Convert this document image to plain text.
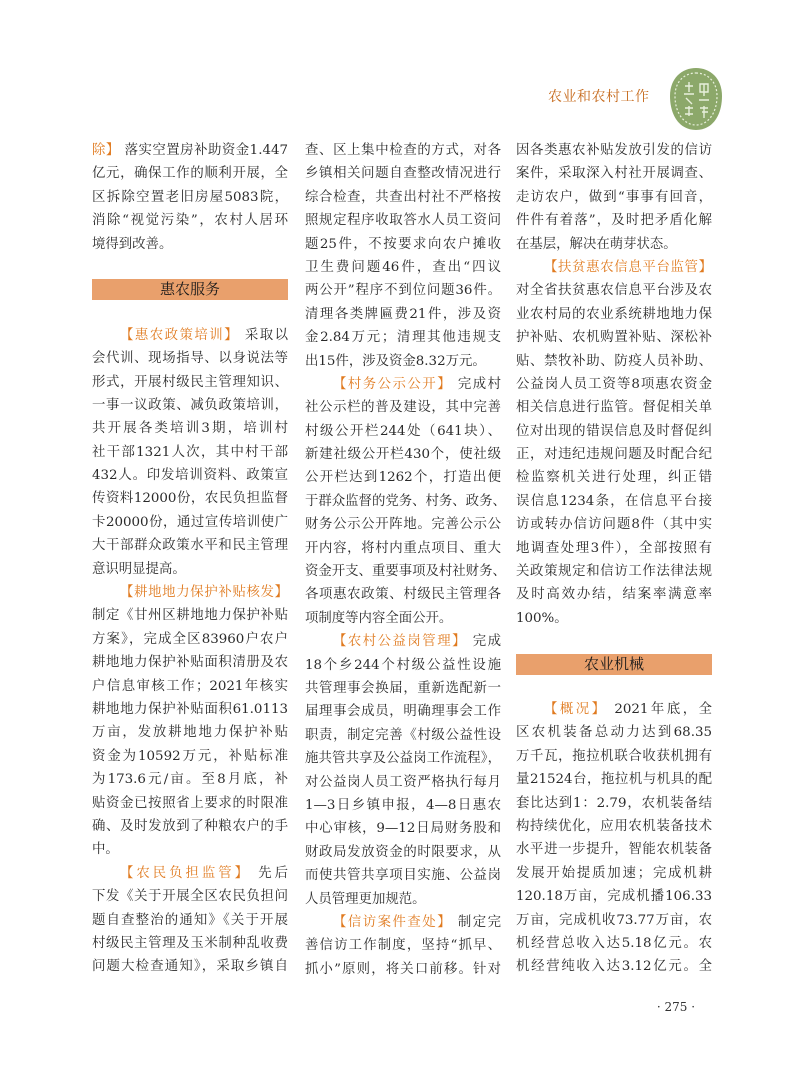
农业和农村工作
除】 落实空置房补助资金1.447
亿元，确保工作的顺利开展，全
区拆除空置老旧房屋5083院，
消除“视觉污染”，农村人居环
境得到改善。
惠农服务
【惠农政策培训】 采取以
会代训、现场指导、以身说法等
形式，开展村级民主管理知识、
一事一议政策、减负政策培训，
共开展各类培训3期，培训村
社干部1321人次，其中村干部
432人。印发培训资料、政策宣
传资料12000份，农民负担监督
卡20000份，通过宣传培训使广
大干部群众政策水平和民主管理
意识明显提高。
【耕地地力保护补贴核发】
制定《甘州区耕地地力保护补贴
方案》，完成全区83960户农户
耕地地力保护补贴面积清册及农
户信息审核工作；2021年核实
耕地地力保护补贴面积61.0113
万亩，发放耕地地力保护补贴
资金为10592万元，补贴标准
为173.6元/亩。至8月底，补
贴资金已按照省上要求的时限准
确、及时发放到了种粮农户的手
中。
【农民负担监管】 先后
下发《关于开展全区农民负担问
题自查整治的通知》《关于开展
村级民主管理及玉米制种乱收费
问题大检查通知》，采取乡镇自
查、区上集中检查的方式，对各
乡镇相关问题自查整改情况进行
综合检查，共查出村社不严格按
照规定程序收取答水人员工资问
题25件，不按要求向农户摊收
卫生费问题46件，查出“四议
两公开”程序不到位问题36件。
清理各类牌匾费21件，涉及资
金2.84万元；清理其他违规支
出15件，涉及资金8.32万元。
【村务公示公开】 完成村
社公示栏的普及建设，其中完善
村级公开栏244处（641块）、
新建社级公开栏430个，使社级
公开栏达到1262个，打造出便
于群众监督的党务、村务、政务、
财务公示公开阵地。完善公示公
开内容，将村内重点项目、重大
资金开支、重要事项及村社财务、
各项惠农政策、村级民主管理各
项制度等内容全面公开。
【农村公益岗管理】 完成
18个乡244个村级公益性设施
共管理事会换届，重新选配新一
届理事会成员，明确理事会工作
职责，制定完善《村级公益性设
施共管共享及公益岗工作流程》，
对公益岗人员工资严格执行每月
1—3日乡镇申报，4—8日惠农
中心审核，9—12日局财务股和
财政局发放资金的时限要求，从
而使共管共享项目实施、公益岗
人员管理更加规范。
【信访案件查处】 制定完
善信访工作制度，坚持“抓早、
抓小”原则，将关口前移。针对
因各类惠农补贴发放引发的信访
案件，采取深入村社开展调查、
走访农户，做到“事事有回音，
件件有着落”，及时把矛盾化解
在基层，解决在萌芽状态。
【扶贫惠农信息平台监管】
对全省扶贫惠农信息平台涉及农
业农村局的农业系统耕地地力保
护补贴、农机购置补贴、深松补
贴、禁牧补助、防疫人员补助、
公益岗人员工资等8项惠农资金
相关信息进行监管。督促相关单
位对出现的错误信息及时督促纠
正，对违纪违规问题及时配合纪
检监察机关进行处理，纠正错
误信息1234条，在信息平台接
访或转办信访问题8件（其中实
地调查处理3件），全部按照有
关政策规定和信访工作法律法规
及时高效办结，结案率满意率
100%。
农业机械
【概况】 2021年底，全
区农机装备总动力达到68.35
万千瓦，拖拉机联合收获机拥有
量21524台，拖拉机与机具的配
套比达到1：2.79，农机装备结
构持续优化，应用农机装备技术
水平进一步提升，智能农机装备
发展开始提质加速；完成机耕
120.18万亩，完成机播106.33
万亩，完成机收73.77万亩，农
机经营总收入达5.18亿元。农
机经营纯收入达3.12亿元。全
· 275 ·
